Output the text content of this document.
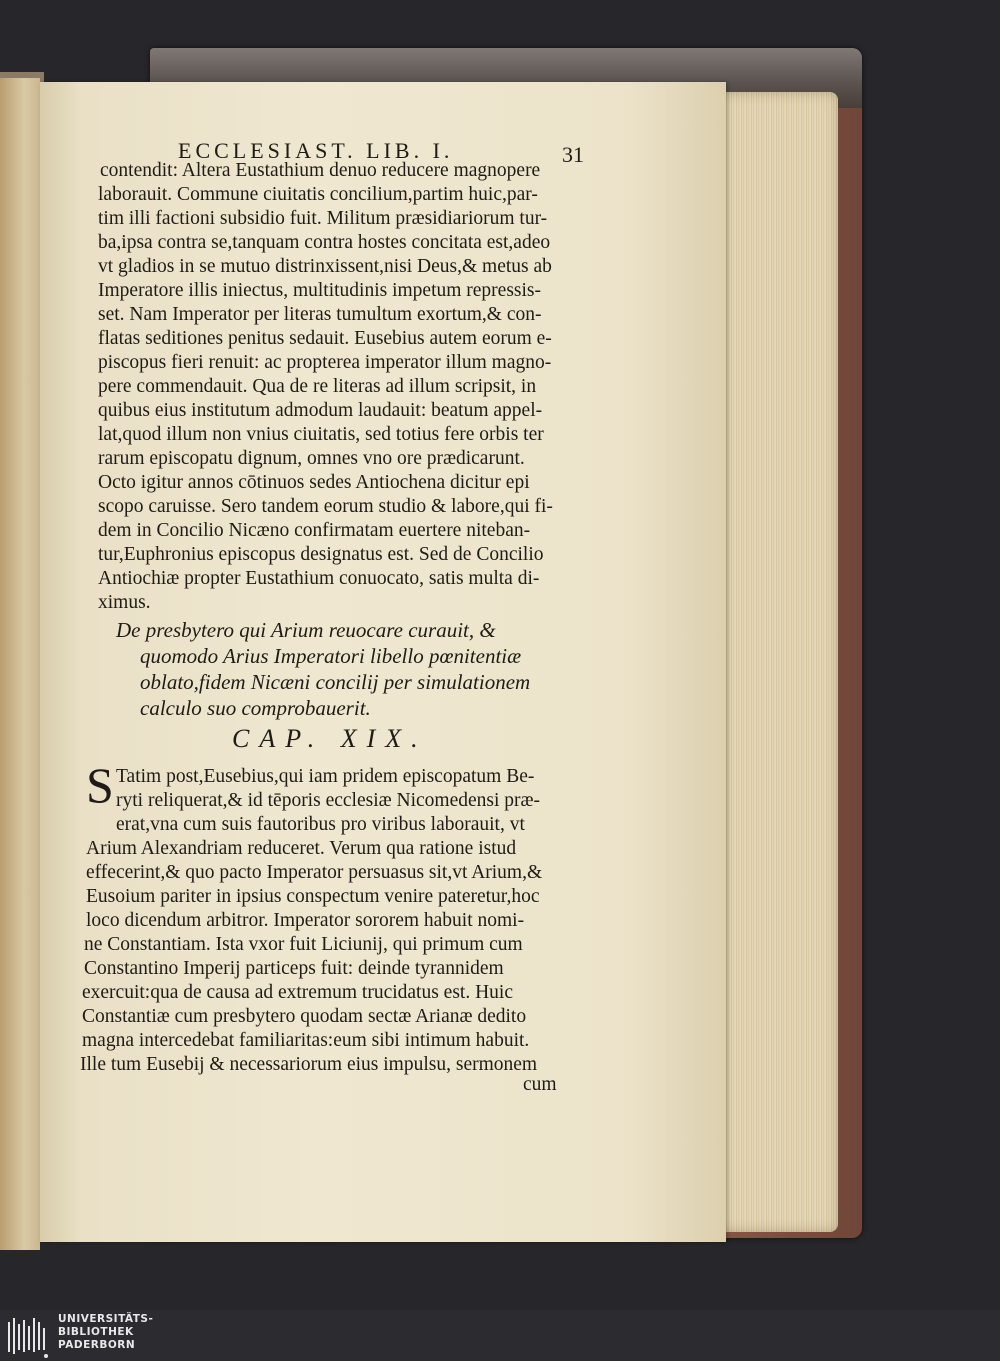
ECCLESIAST. LIB. I.	31
contendit: Altera Eustathium denuo reducere magnopere
laborauit. Commune ciuitatis concilium,partim huic,par-
tim illi factioni subsidio fuit. Militum præsidiariorum tur-
ba,ipsa contra se,tanquam contra hostes concitata est,adeo
vt gladios in se mutuo distrinxissent,nisi Deus,& metus ab
Imperatore illis iniectus, multitudinis impetum repressis-
set. Nam Imperator per literas tumultum exortum,& con-
flatas seditiones penitus sedauit. Eusebius autem eorum e-
piscopus fieri renuit: ac propterea imperator illum magno-
pere commendauit. Qua de re literas ad illum scripsit, in
quibus eius institutum admodum laudauit: beatum appel-
lat,quod illum non vnius ciuitatis, sed totius fere orbis ter
rarum episcopatu dignum, omnes vno ore prædicarunt.
Octo igitur annos cōtinuos sedes Antiochena dicitur epi
scopo caruisse. Sero tandem eorum studio & labore,qui fi-
dem in Concilio Nicæno confirmatam euertere niteban-
tur,Euphronius episcopus designatus est. Sed de Concilio
Antiochiæ propter Eustathium conuocato, satis multa di-
ximus.
De presbytero qui Arium reuocare curauit, &
quomodo Arius Imperatori libello pœnitentiæ
oblato,fidem Nicæni concilij per simulationem
calculo suo comprobauerit.
CAP. XIX.
S Tatim post,Eusebius,qui iam pridem episcopatum Be-
ryti reliquerat,& id tēporis ecclesiæ Nicomedensi præ-
erat,vna cum suis fautoribus pro viribus laborauit, vt
Arium Alexandriam reduceret. Verum qua ratione istud
effecerint,& quo pacto Imperator persuasus sit,vt Arium,&
Eusoium pariter in ipsius conspectum venire pateretur,hoc
loco dicendum arbitror. Imperator sororem habuit nomi-
ne Constantiam. Ista vxor fuit Liciunij, qui primum cum
Constantino Imperij particeps fuit: deinde tyrannidem
exercuit:qua de causa ad extremum trucidatus est. Huic
Constantiæ cum presbytero quodam sectæ Arianæ dedito
magna intercedebat familiaritas:eum sibi intimum habuit.
Ille tum Eusebij & necessariorum eius impulsu, sermonem
cum
UNIVERSITÄTS-
BIBLIOTHEK
PADERBORN
